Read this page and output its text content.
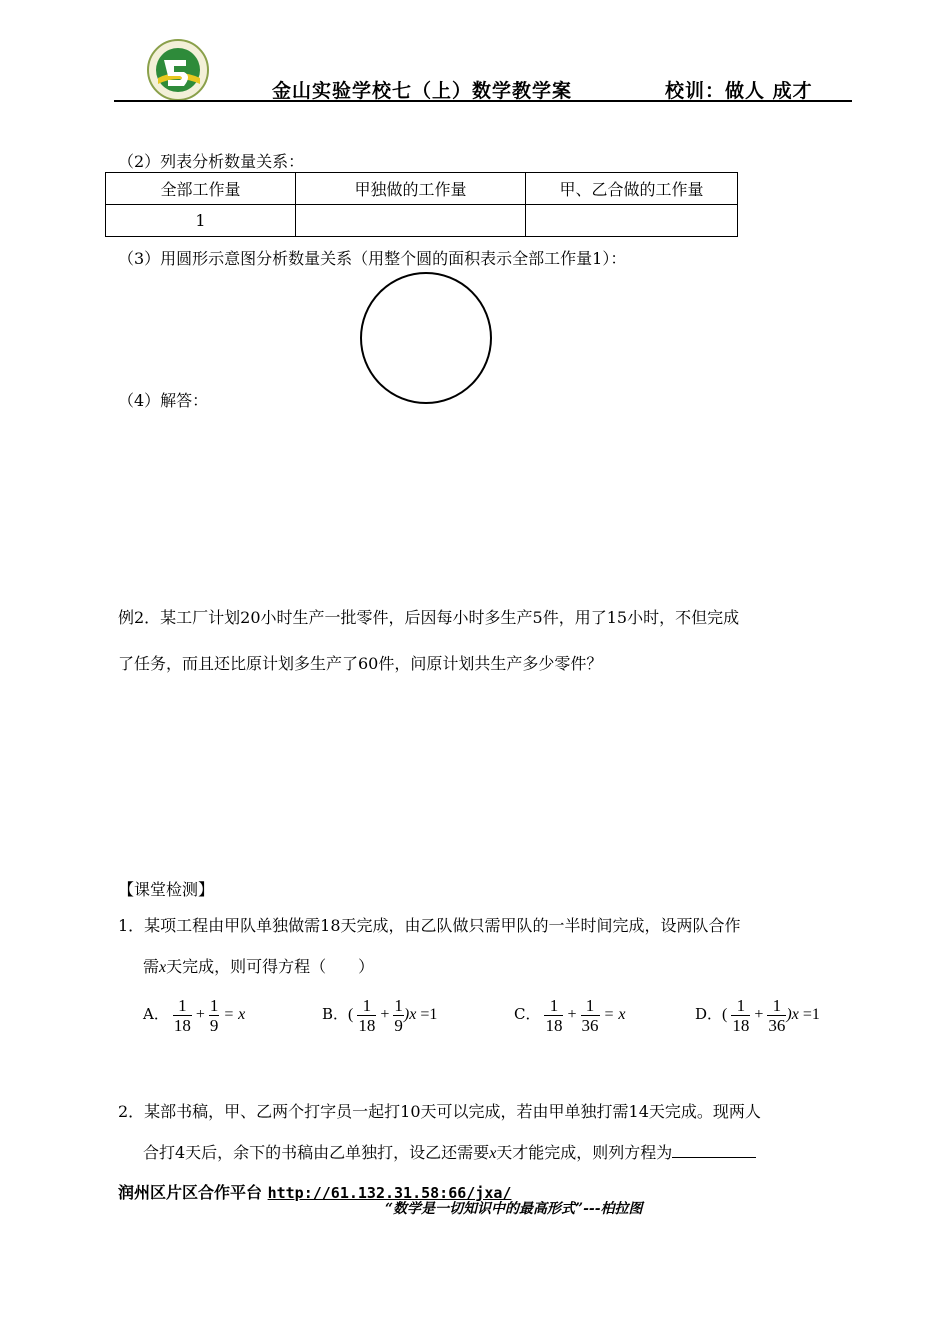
金山实验学校七（上）数学教学案	校训：做人 成才
（2）列表分析数量关系：
全部工作量	甲独做的工作量	甲、乙合做的工作量
1		
（3）用圆形示意图分析数量关系（用整个圆的面积表示全部工作量1）：
（4）解答：
例2．某工厂计划20小时生产一批零件，后因每小时多生产5件，用了15小时，不但完成
了任务，而且还比原计划多生产了60件，问原计划共生产多少零件？
【课堂检测】
1．某项工程由甲队单独做需18天完成，由乙队做只需甲队的一半时间完成，设两队合作
需x天完成，则可得方程（　　）
A． $\frac{1}{18} + \frac{1}{9} = x$	B．( $\frac{1}{18} + \frac{1}{9} )x =1$	C． $\frac{1}{18} + \frac{1}{36} = x$	D．( $\frac{1}{18} + \frac{1}{36} )x =1$
2．某部书稿，甲、乙两个打字员一起打10天可以完成，若由甲单独打需14天完成。现两人
合打4天后，余下的书稿由乙单独打，设乙还需要x天才能完成，则列方程为
润州区片区合作平台 http://61.132.31.58:66/jxa/
“数学是一切知识中的最高形式”---柏拉图
